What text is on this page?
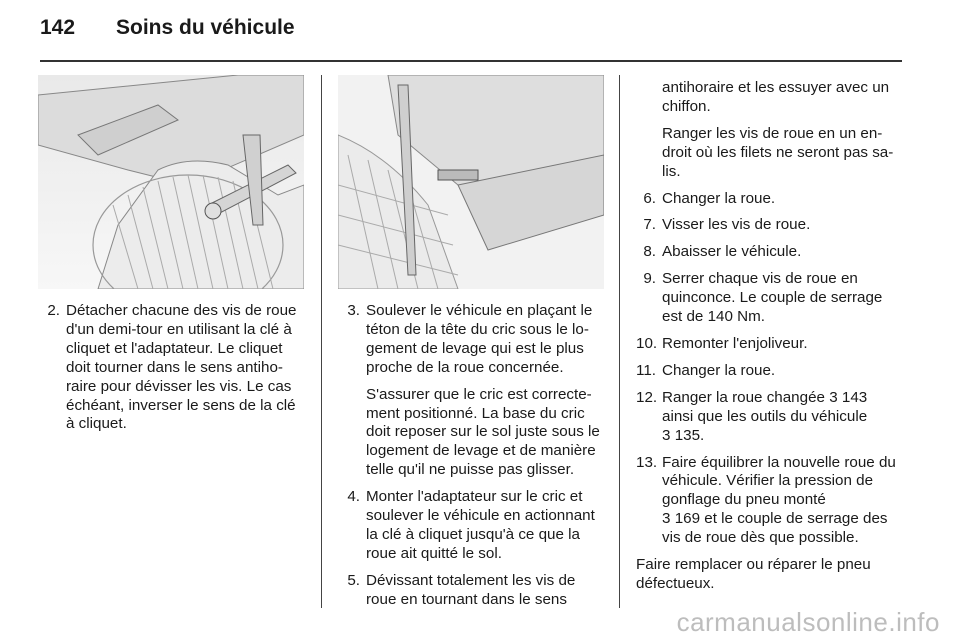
142	Soins du véhicule
2. Détacher chacune des vis de roue d'un demi-tour en utilisant la clé à cliquet et l'adaptateur. Le cliquet doit tourner dans le sens antihoraire pour dévisser les vis. Le cas échéant, inverser le sens de la clé à cliquet.

3. Soulever le véhicule en plaçant le téton de la tête du cric sous le logement de levage qui est le plus proche de la roue concernée.

S'assurer que le cric est correctement positionné. La base du cric doit reposer sur le sol juste sous le logement de levage et de manière telle qu'il ne puisse pas glisser.

4. Monter l'adaptateur sur le cric et soulever le véhicule en actionnant la clé à cliquet jusqu'à ce que la roue ait quitté le sol.

5. Dévissant totalement les vis de roue en tournant dans le sens

antihoraire et les essuyer avec un chiffon.

Ranger les vis de roue en un endroit où les filets ne seront pas salis.

6. Changer la roue.

7. Visser les vis de roue.

8. Abaisser le véhicule.

9. Serrer chaque vis de roue en quinconce. Le couple de serrage est de 140 Nm.

10. Remonter l'enjoliveur.

11. Changer la roue.

12. Ranger la roue changée 3 143 ainsi que les outils du véhicule
3 135.

13. Faire équilibrer la nouvelle roue du véhicule. Vérifier la pression de gonflage du pneu monté
3 169 et le couple de serrage des vis de roue dès que possible.

Faire remplacer ou réparer le pneu défectueux.

carmanualsonline.info
